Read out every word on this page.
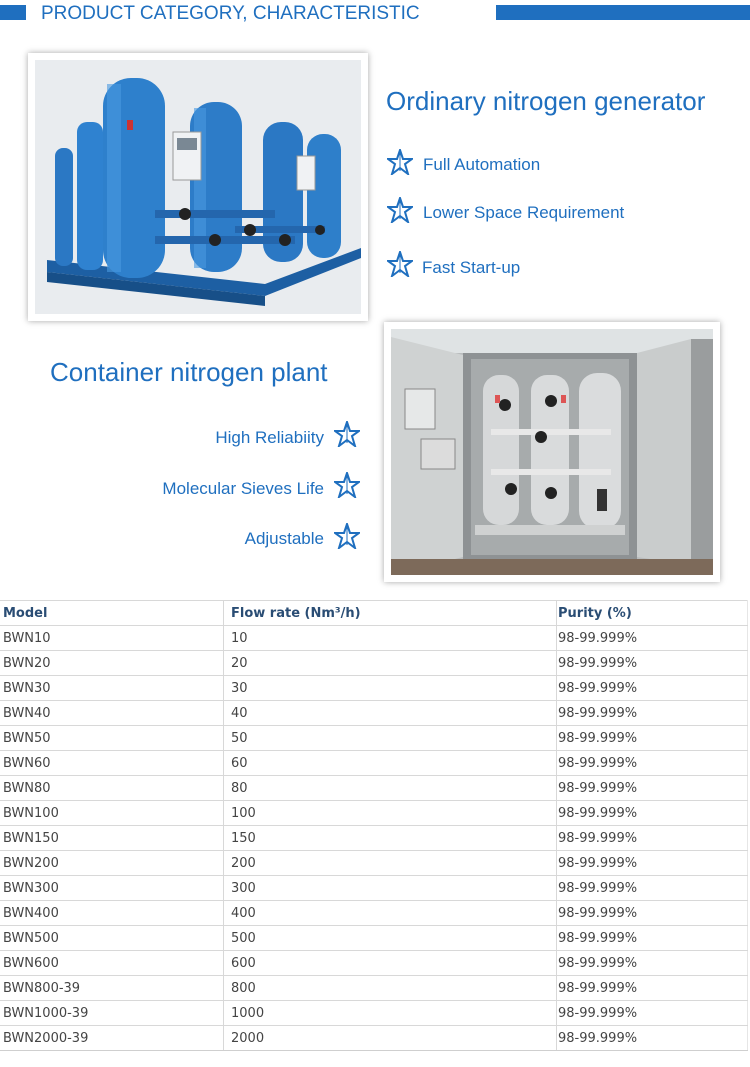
PRODUCT CATEGORY, CHARACTERISTIC
Ordinary nitrogen generator
Full Automation
Lower Space Requirement
Fast Start-up
Container nitrogen plant
High Reliabiity
Molecular Sieves Life
Adjustable
Model	Flow rate (Nm³/h)	Purity (%)
BWN10	10	98-99.999%
BWN20	20	98-99.999%
BWN30	30	98-99.999%
BWN40	40	98-99.999%
BWN50	50	98-99.999%
BWN60	60	98-99.999%
BWN80	80	98-99.999%
BWN100	100	98-99.999%
BWN150	150	98-99.999%
BWN200	200	98-99.999%
BWN300	300	98-99.999%
BWN400	400	98-99.999%
BWN500	500	98-99.999%
BWN600	600	98-99.999%
BWN800-39	800	98-99.999%
BWN1000-39	1000	98-99.999%
BWN2000-39	2000	98-99.999%
